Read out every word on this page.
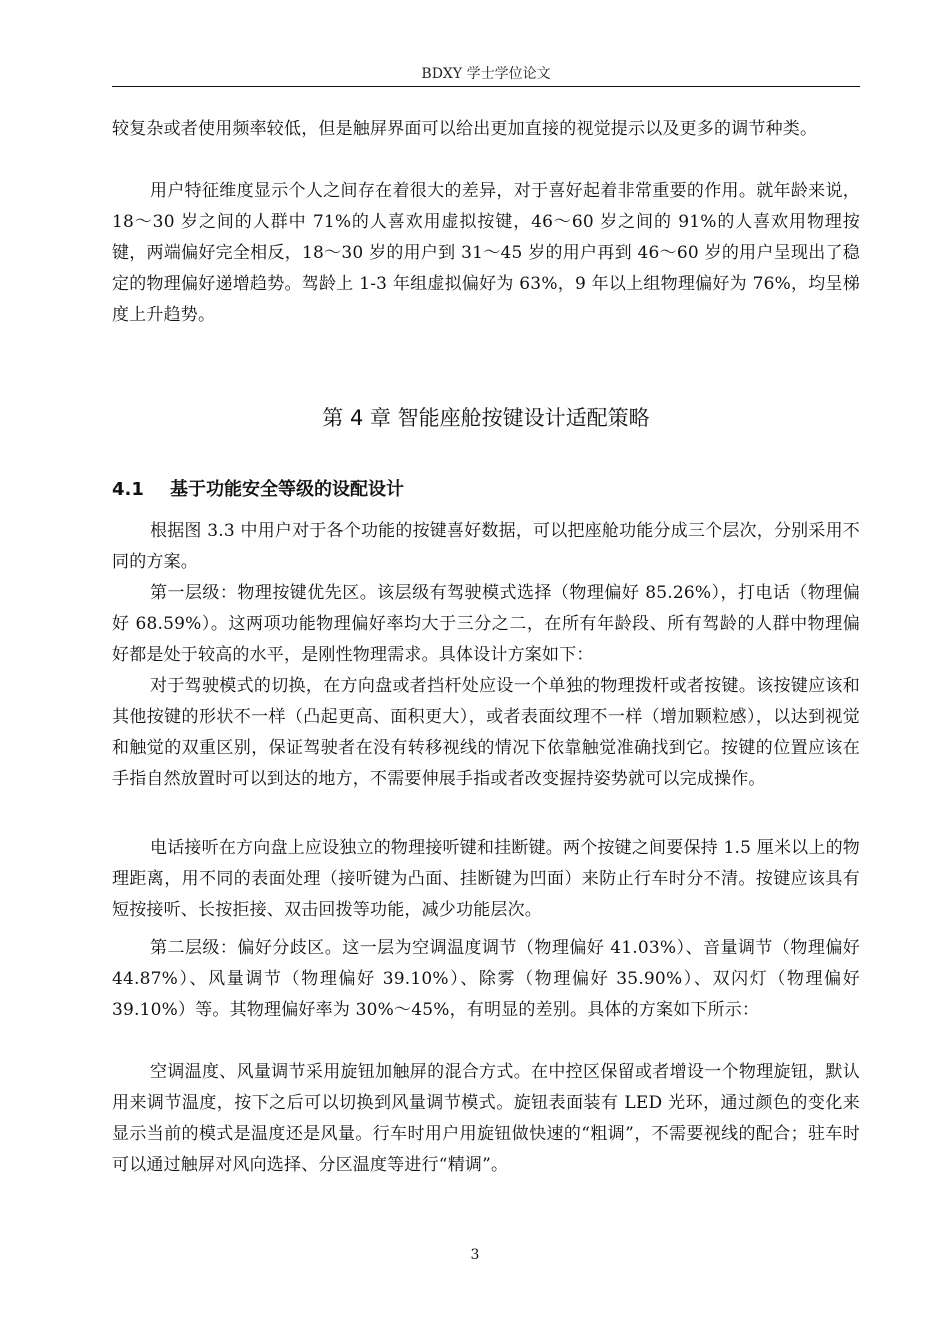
BDXY 学士学位论文

较复杂或者使用频率较低，但是触屏界面可以给出更加直接的视觉提示以及更多的调节种类。

用户特征维度显示个人之间存在着很大的差异，对于喜好起着非常重要的作用。就年龄来说，18～30 岁之间的人群中 71%的人喜欢用虚拟按键，46～60 岁之间的 91%的人喜欢用物理按键，两端偏好完全相反，18～30 岁的用户到 31～45 岁的用户再到 46～60 岁的用户呈现出了稳定的物理偏好递增趋势。驾龄上 1-3 年组虚拟偏好为 63%，9 年以上组物理偏好为 76%，均呈梯度上升趋势。

第 4 章 智能座舱按键设计适配策略
4.1 基于功能安全等级的设配设计

根据图 3.3 中用户对于各个功能的按键喜好数据，可以把座舱功能分成三个层次，分别采用不同的方案。

第一层级：物理按键优先区。该层级有驾驶模式选择（物理偏好 85.26%），打电话（物理偏好 68.59%）。这两项功能物理偏好率均大于三分之二，在所有年龄段、所有驾龄的人群中物理偏好都是处于较高的水平，是刚性物理需求。具体设计方案如下：

对于驾驶模式的切换，在方向盘或者挡杆处应设一个单独的物理拨杆或者按键。该按键应该和其他按键的形状不一样（凸起更高、面积更大），或者表面纹理不一样（增加颗粒感），以达到视觉和触觉的双重区别，保证驾驶者在没有转移视线的情况下依靠触觉准确找到它。按键的位置应该在手指自然放置时可以到达的地方，不需要伸展手指或者改变握持姿势就可以完成操作。

电话接听在方向盘上应设独立的物理接听键和挂断键。两个按键之间要保持 1.5 厘米以上的物理距离，用不同的表面处理（接听键为凸面、挂断键为凹面）来防止行车时分不清。按键应该具有短按接听、长按拒接、双击回拨等功能，减少功能层次。

第二层级：偏好分歧区。这一层为空调温度调节（物理偏好 41.03%）、音量调节（物理偏好 44.87%）、风量调节（物理偏好 39.10%）、除雾（物理偏好 35.90%）、双闪灯（物理偏好 39.10%）等。其物理偏好率为 30%～45%，有明显的差别。具体的方案如下所示：

空调温度、风量调节采用旋钮加触屏的混合方式。在中控区保留或者增设一个物理旋钮，默认用来调节温度，按下之后可以切换到风量调节模式。旋钮表面装有 LED 光环，通过颜色的变化来显示当前的模式是温度还是风量。行车时用户用旋钮做快速的“粗调”，不需要视线的配合；驻车时可以通过触屏对风向选择、分区温度等进行“精调”。

3
